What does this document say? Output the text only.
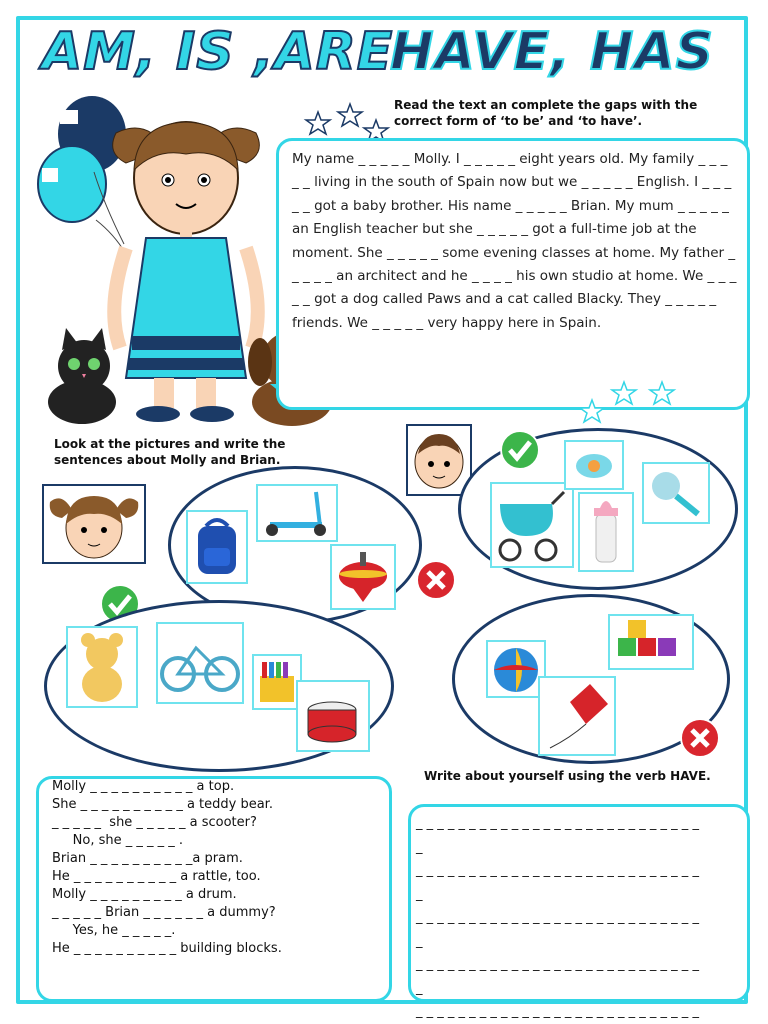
AM, IS ,ARE
HAVE, HAS
Read the text an complete the gaps with the correct form of ‘to be’ and ‘to have’.

My name _ _ _ _ _ Molly. I _ _ _ _ _ eight years old. My family _ _ _ _ _ living in the south of Spain now but we _ _ _ _ _ English. I _ _ _ _ _ got a baby brother. His name _ _ _ _ _ Brian. My mum _ _ _ _ _ an English teacher but she _ _ _ _ _ got a full-time job at the moment. She _ _ _ _ _ some evening classes at home. My father _ _ _ _ _ an architect and he _ _ _ _ his own studio at home. We _ _ _ _ _ got a dog called Paws and a cat called Blacky. They _ _ _ _ _ friends. We _ _ _ _ _ very happy here in Spain.

Look at the pictures and write the sentences about Molly and Brian.
Molly _ _ _ _ _ _ _ _ _ _ a top.
She _ _ _ _ _ _ _ _ _ _ a teddy bear.
_ _ _ _ _  she _ _ _ _ _ a scooter?
No, she _ _ _ _ _ .
Brian _ _ _ _ _ _ _ _ _ _a pram.
He _ _ _ _ _ _ _ _ _ _ a rattle, too.
Molly _ _ _ _ _ _ _ _ _ a drum.
_ _ _ _ _ Brian _ _ _ _ _ _ a dummy?
Yes, he _ _ _ _ _.
He _ _ _ _ _ _ _ _ _ _ building blocks.
Write about yourself using the verb HAVE.
_ _ _ _ _ _ _ _ _ _ _ _ _ _ _ _ _ _ _ _ _ _ _ _ _ _ _
_
_ _ _ _ _ _ _ _ _ _ _ _ _ _ _ _ _ _ _ _ _ _ _ _ _ _ _
_
_ _ _ _ _ _ _ _ _ _ _ _ _ _ _ _ _ _ _ _ _ _ _ _ _ _ _
_
_ _ _ _ _ _ _ _ _ _ _ _ _ _ _ _ _ _ _ _ _ _ _ _ _ _ _
_
_ _ _ _ _ _ _ _ _ _ _ _ _ _ _ _ _ _ _ _ _ _ _ _ _ _ _
